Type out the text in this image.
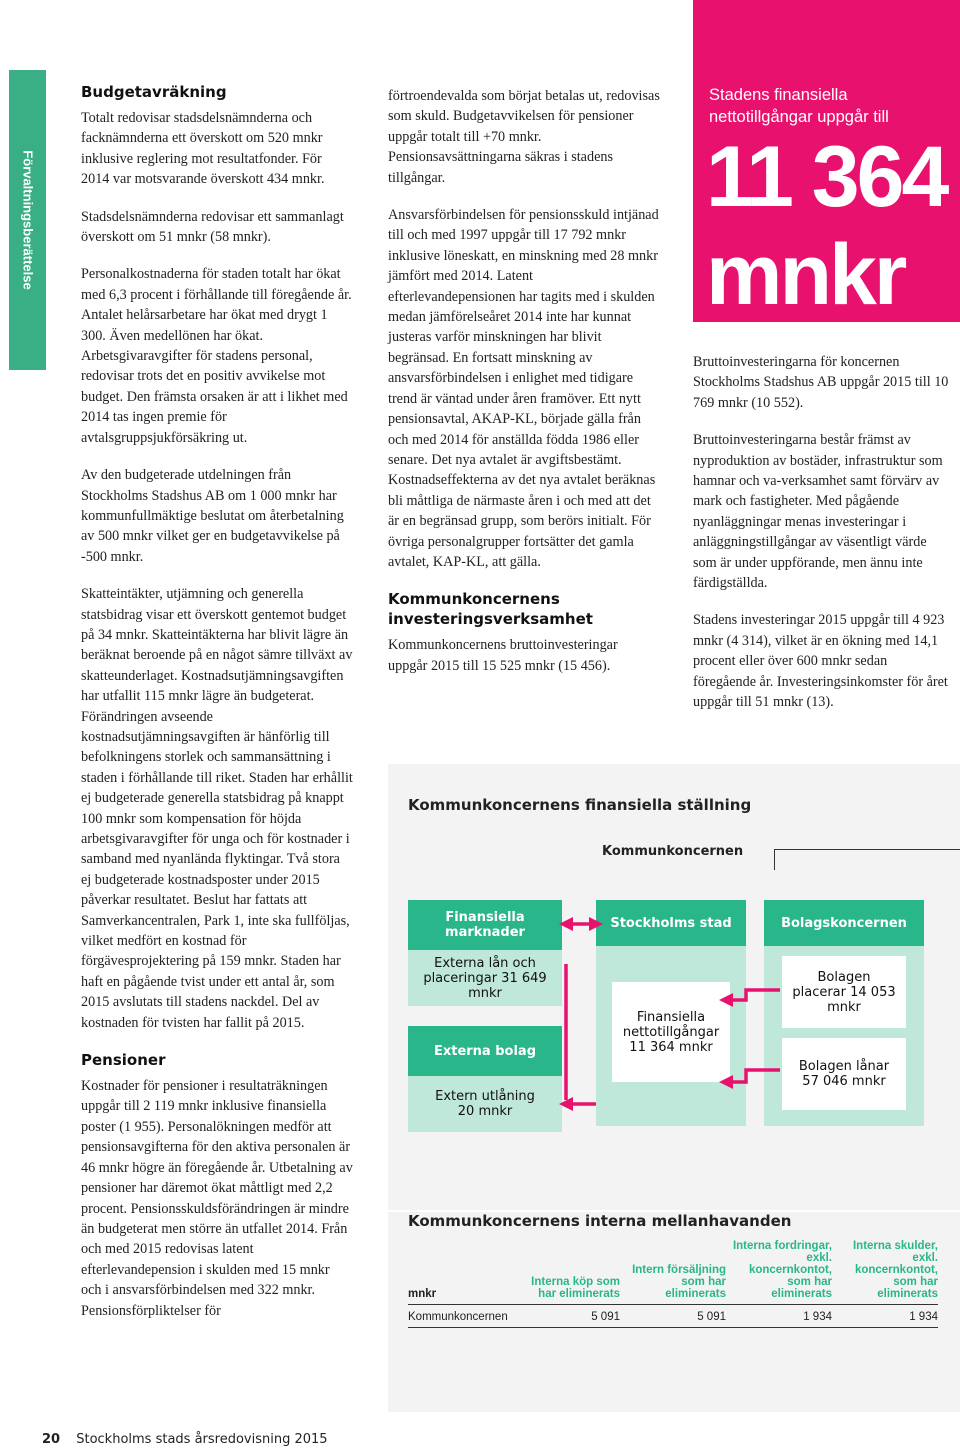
Förvaltningsberättelse
Budgetavräkning

Totalt redovisar stadsdelsnämnderna och facknämnderna ett överskott om 520 mnkr inklusive reglering mot resultatfonder. För 2014 var motsvarande överskott 434 mnkr.

Stadsdelsnämnderna redovisar ett sammanlagt överskott om 51 mnkr (58 mnkr).

Personalkostnaderna för staden totalt har ökat med 6,3 procent i förhållande till föregående år. Antalet helårsarbetare har ökat med drygt 1 300. Även medellönen har ökat. Arbetsgivaravgifter för stadens personal, redovisar trots det en positiv avvikelse mot budget. Den främsta orsaken är att i likhet med 2014 tas ingen premie för avtalsgruppsjukförsäkring ut.

Av den budgeterade utdelningen från Stockholms Stadshus AB om 1 000 mnkr har kommunfullmäktige beslutat om återbetalning av 500 mnkr vilket ger en budgetavvikelse på -500 mnkr.

Skatteintäkter, utjämning och generella statsbidrag visar ett överskott gentemot budget på 34 mnkr. Skatteintäkterna har blivit lägre än beräknat beroende på en något sämre tillväxt av skatteunderlaget. Kostnadsutjämningsavgiften har utfallit 115 mnkr lägre än budgeterat. Förändringen avseende kostnadsutjämningsavgiften är hänförlig till befolkningens storlek och sammansättning i staden i förhållande till riket. Staden har erhållit ej budgeterade generella statsbidrag på knappt 100 mnkr som kompensation för höjda arbetsgivaravgifter för unga och för kostnader i samband med nyanlända flyktingar. Två stora ej budgeterade kostnadsposter under 2015 påverkar resultatet. Beslut har fattats att Samverkancentralen, Park 1, inte ska fullföljas, vilket medfört en kostnad för förgävesprojektering på 159 mnkr. Staden har haft en pågående tvist under ett antal år, som 2015 avslutats till stadens nackdel. Del av kostnaden för tvisten har fallit på 2015.

Pensioner

Kostnader för pensioner i resultaträkningen uppgår till 2 119 mnkr inklusive finansiella poster (1 955). Personalökningen medför att pensionsavgifterna för den aktiva personalen är 46 mnkr högre än föregående år. Utbetalning av pensioner har däremot ökat måttligt med 2,2 procent. Pensionsskuldsförändringen är mindre än budgeterat men större än utfallet 2014. Från och med 2015 redovisas latent efterlevandepension i skulden med 15 mnkr och i ansvarsförbindelsen med 322 mnkr. Pensionsförpliktelser för

förtroendevalda som börjat betalas ut, redovisas som skuld. Budgetavvikelsen för pensioner uppgår totalt till +70 mnkr. Pensionsavsättningarna säkras i stadens tillgångar.

Ansvarsförbindelsen för pensionsskuld intjänad till och med 1997 uppgår till 17 792 mnkr inklusive löneskatt, en minskning med 28 mnkr jämfört med 2014. Latent efterlevandepensionen har tagits med i skulden medan jämförelseåret 2014 inte har kunnat justeras varför minskningen har blivit begränsad. En fortsatt minskning av ansvarsförbindelsen i enlighet med tidigare trend är väntad under åren framöver. Ett nytt pensionsavtal, AKAP-KL, började gälla från och med 2014 för anställda födda 1986 eller senare. Det nya avtalet är avgiftsbestämt. Kostnadseffekterna av det nya avtalet beräknas bli måttliga de närmaste åren i och med att det är en begränsad grupp, som berörs initialt. För övriga personalgrupper fortsätter det gamla avtalet, KAP-KL, att gälla.

Kommunkoncernens investeringsverksamhet

Kommunkoncernens bruttoinvesteringar uppgår 2015 till 15 525 mnkr (15 456).

Stadens finansiella nettotillgångar uppgår till
11 364
mnkr

Bruttoinvesteringarna för koncernen Stockholms Stadshus AB uppgår 2015 till 10 769 mnkr (10 552).

Bruttoinvesteringarna består främst av nyproduktion av bostäder, infrastruktur som hamnar och va-verksamhet samt förvärv av mark och fastigheter. Med pågående nyanläggningar menas investeringar i anläggningstillgångar av väsentligt värde som är under uppförande, men ännu inte färdigställda.

Stadens investeringar 2015 uppgår till 4 923 mnkr (4 314), vilket är en ökning med 14,1 procent eller över 600 mnkr sedan föregående år. Investeringsinkomster för året uppgår till 51 mnkr (13).

Kommunkoncernens finansiella ställning
Kommunkoncernen
Finansiella marknader
Externa lån och placeringar 31 649 mnkr
Externa bolag
Extern utlåning 20 mnkr
Stockholms stad
Finansiella nettotillgångar 11 364 mnkr
Bolagskoncernen
Bolagen placerar 14 053 mnkr
Bolagen lånar 57 046 mnkr
Kommunkoncernens interna mellanhavanden
mnkr	Interna köp som har eliminerats	Intern försäljning som har eliminerats	Interna fordringar, exkl. koncernkontot, som har eliminerats	Interna skulder, exkl. koncernkontot, som har eliminerats
Kommunkoncernen	5 091	5 091	1 934	1 934
20 Stockholms stads årsredovisning 2015
